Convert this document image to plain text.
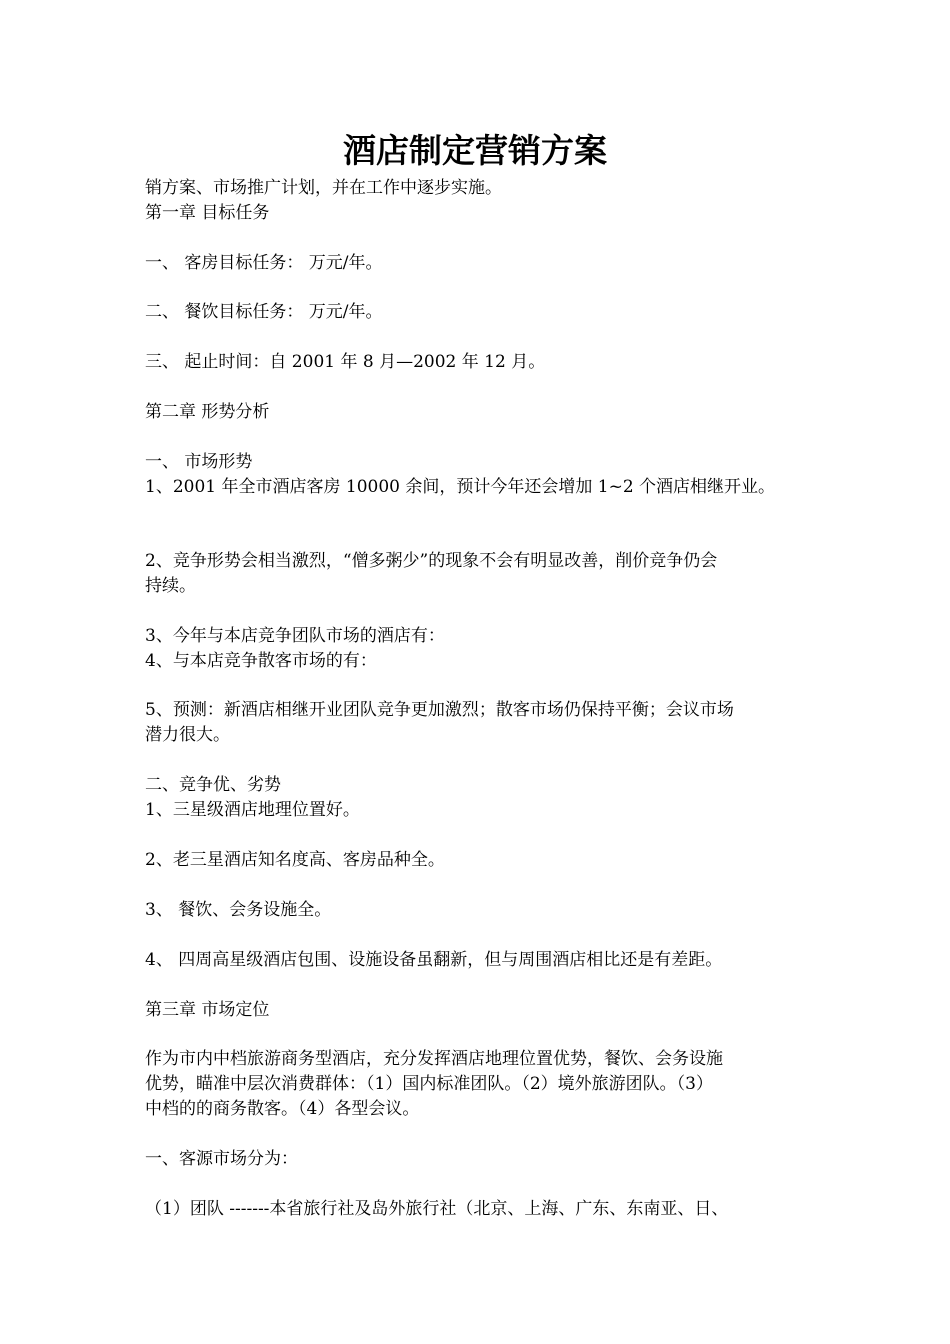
酒店制定营销方案
销方案、市场推广计划，并在工作中逐步实施。
第一章 目标任务
一、 客房目标任务： 万元/年。
二、 餐饮目标任务： 万元/年。
三、 起止时间：自 2001 年 8 月—2002 年 12 月。
第二章 形势分析
一、 市场形势
1、2001 年全市酒店客房 10000 余间，预计今年还会增加 1~2 个酒店相继开业。
2、竞争形势会相当激烈，“僧多粥少”的现象不会有明显改善，削价竞争仍会
持续。
3、今年与本店竞争团队市场的酒店有：
4、与本店竞争散客市场的有：
5、预测：新酒店相继开业团队竞争更加激烈；散客市场仍保持平衡；会议市场
潜力很大。
二、竞争优、劣势
1、三星级酒店地理位置好。
2、老三星酒店知名度高、客房品种全。
3、 餐饮、会务设施全。
4、 四周高星级酒店包围、设施设备虽翻新，但与周围酒店相比还是有差距。
第三章 市场定位
作为市内中档旅游商务型酒店，充分发挥酒店地理位置优势，餐饮、会务设施
优势，瞄准中层次消费群体：（1）国内标准团队。（2）境外旅游团队。（3）
中档的的商务散客。（4）各型会议。
一、客源市场分为：
（1）团队 -------本省旅行社及岛外旅行社（北京、上海、广东、东南亚、日、
